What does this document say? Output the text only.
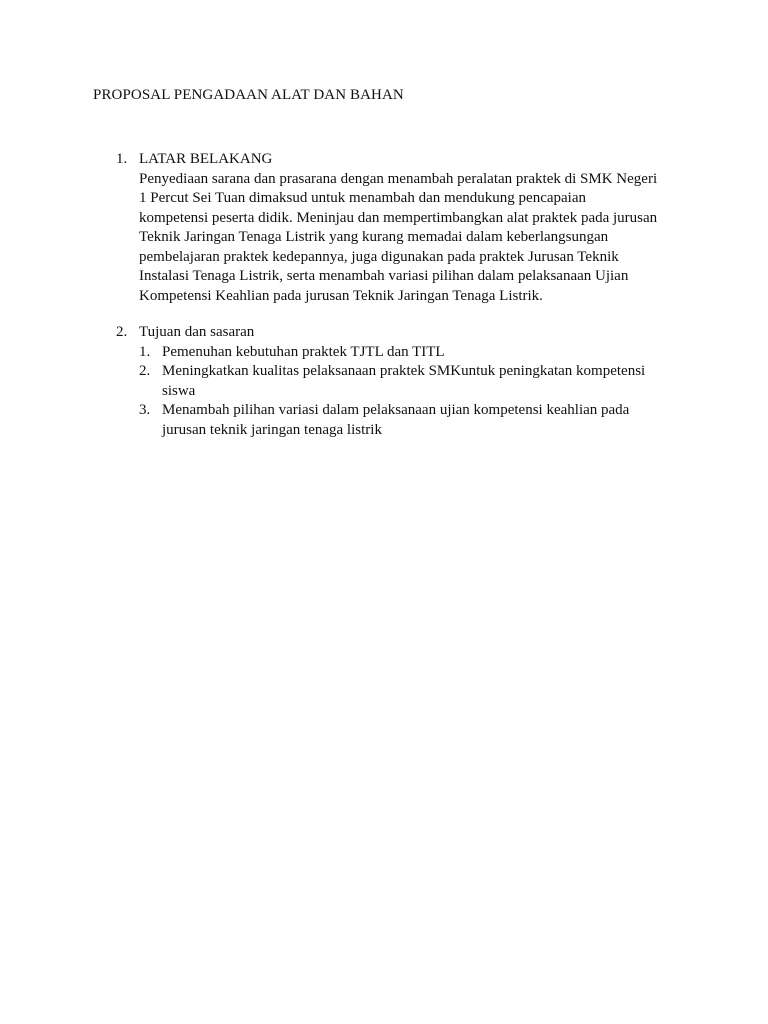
PROPOSAL PENGADAAN ALAT DAN BAHAN
1. LATAR BELAKANG
Penyediaan sarana dan prasarana dengan menambah peralatan praktek di SMK Negeri
1 Percut Sei Tuan dimaksud untuk menambah dan mendukung pencapaian
kompetensi peserta didik. Meninjau dan mempertimbangkan alat praktek pada jurusan
Teknik Jaringan Tenaga Listrik yang kurang memadai dalam keberlangsungan
pembelajaran praktek kedepannya, juga digunakan pada praktek Jurusan Teknik
Instalasi Tenaga Listrik, serta menambah variasi pilihan dalam pelaksanaan Ujian
Kompetensi Keahlian pada jurusan Teknik Jaringan Tenaga Listrik.
2. Tujuan dan sasaran
1. Pemenuhan kebutuhan praktek TJTL dan TITL
2. Meningkatkan kualitas pelaksanaan praktek SMKuntuk peningkatan kompetensi
siswa
3. Menambah pilihan variasi dalam pelaksanaan ujian kompetensi keahlian pada
jurusan teknik jaringan tenaga listrik
